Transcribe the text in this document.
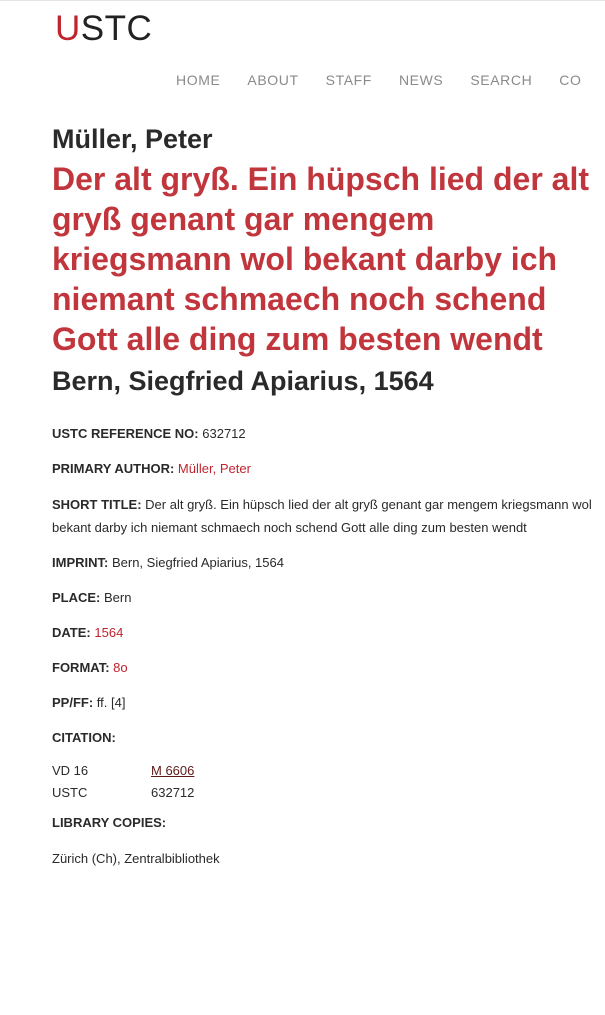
USTC
HOME ABOUT STAFF NEWS SEARCH CO
Müller, Peter
Der alt gryß. Ein hüpsch lied der alt gryß genant gar mengem kriegsmann wol bekant darby ich niemant schmaech noch schend Gott alle ding zum besten wendt
Bern, Siegfried Apiarius, 1564
USTC REFERENCE NO: 632712
PRIMARY AUTHOR: Müller, Peter
SHORT TITLE: Der alt gryß. Ein hüpsch lied der alt gryß genant gar mengem kriegsmann wol bekant darby ich niemant schmaech noch schend Gott alle ding zum besten wendt
IMPRINT: Bern, Siegfried Apiarius, 1564
PLACE: Bern
DATE: 1564
FORMAT: 8o
PP/FF: ff. [4]
CITATION:
VD 16	M 6606
USTC	632712
LIBRARY COPIES:
Zürich (Ch), Zentralbibliothek
